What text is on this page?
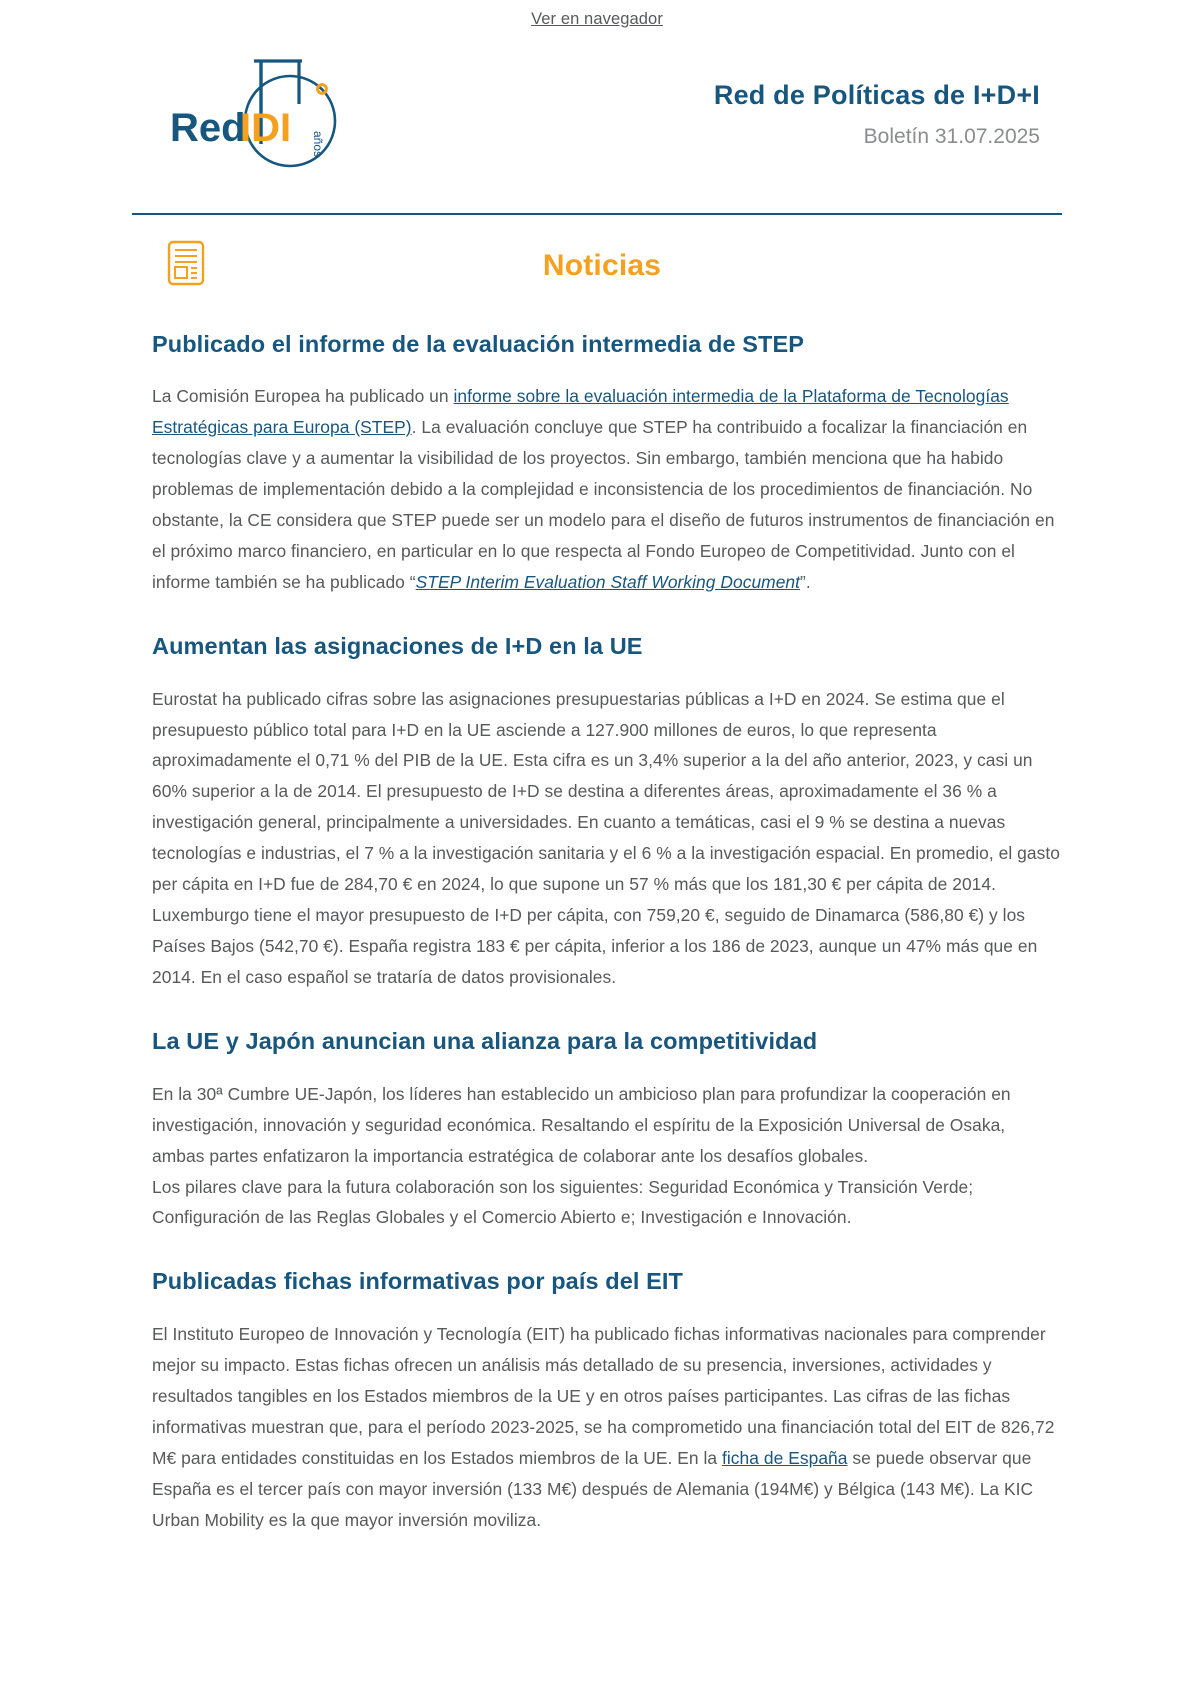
Ver en navegador
años
Red
IDI

Red de Políticas de I+D+I

Boletín 31.07.2025

Noticias
Publicado el informe de la evaluación intermedia de STEP

La Comisión Europea ha publicado un informe sobre la evaluación intermedia de la Plataforma de Tecnologías Estratégicas para Europa (STEP). La evaluación concluye que STEP ha contribuido a focalizar la financiación en tecnologías clave y a aumentar la visibilidad de los proyectos. Sin embargo, también menciona que ha habido problemas de implementación debido a la complejidad e inconsistencia de los procedimientos de financiación. No obstante, la CE considera que STEP puede ser un modelo para el diseño de futuros instrumentos de financiación en el próximo marco financiero, en particular en lo que respecta al Fondo Europeo de Competitividad. Junto con el informe también se ha publicado “STEP Interim Evaluation Staff Working Document”.

Aumentan las asignaciones de I+D en la UE

Eurostat ha publicado cifras sobre las asignaciones presupuestarias públicas a I+D en 2024. Se estima que el presupuesto público total para I+D en la UE asciende a 127.900 millones de euros, lo que representa aproximadamente el 0,71 % del PIB de la UE. Esta cifra es un 3,4% superior a la del año anterior, 2023, y casi un 60% superior a la de 2014. El presupuesto de I+D se destina a diferentes áreas, aproximadamente el 36 % a investigación general, principalmente a universidades. En cuanto a temáticas, casi el 9 % se destina a nuevas tecnologías e industrias, el 7 % a la investigación sanitaria y el 6 % a la investigación espacial. En promedio, el gasto per cápita en I+D fue de 284,70 € en 2024, lo que supone un 57 % más que los 181,30 € per cápita de 2014. Luxemburgo tiene el mayor presupuesto de I+D per cápita, con 759,20 €, seguido de Dinamarca (586,80 €) y los Países Bajos (542,70 €). España registra 183 € per cápita, inferior a los 186 de 2023, aunque un 47% más que en 2014. En el caso español se trataría de datos provisionales.

La UE y Japón anuncian una alianza para la competitividad

En la 30ª Cumbre UE-Japón, los líderes han establecido un ambicioso plan para profundizar la cooperación en investigación, innovación y seguridad económica. Resaltando el espíritu de la Exposición Universal de Osaka, ambas partes enfatizaron la importancia estratégica de colaborar ante los desafíos globales.

Los pilares clave para la futura colaboración son los siguientes: Seguridad Económica y Transición Verde; Configuración de las Reglas Globales y el Comercio Abierto e; Investigación e Innovación.

Publicadas fichas informativas por país del EIT

El Instituto Europeo de Innovación y Tecnología (EIT) ha publicado fichas informativas nacionales para comprender mejor su impacto. Estas fichas ofrecen un análisis más detallado de su presencia, inversiones, actividades y resultados tangibles en los Estados miembros de la UE y en otros países participantes. Las cifras de las fichas informativas muestran que, para el período 2023-2025, se ha comprometido una financiación total del EIT de 826,72 M€ para entidades constituidas en los Estados miembros de la UE. En la ficha de España se puede observar que España es el tercer país con mayor inversión (133 M€) después de Alemania (194M€) y Bélgica (143 M€). La KIC Urban Mobility es la que mayor inversión moviliza.
